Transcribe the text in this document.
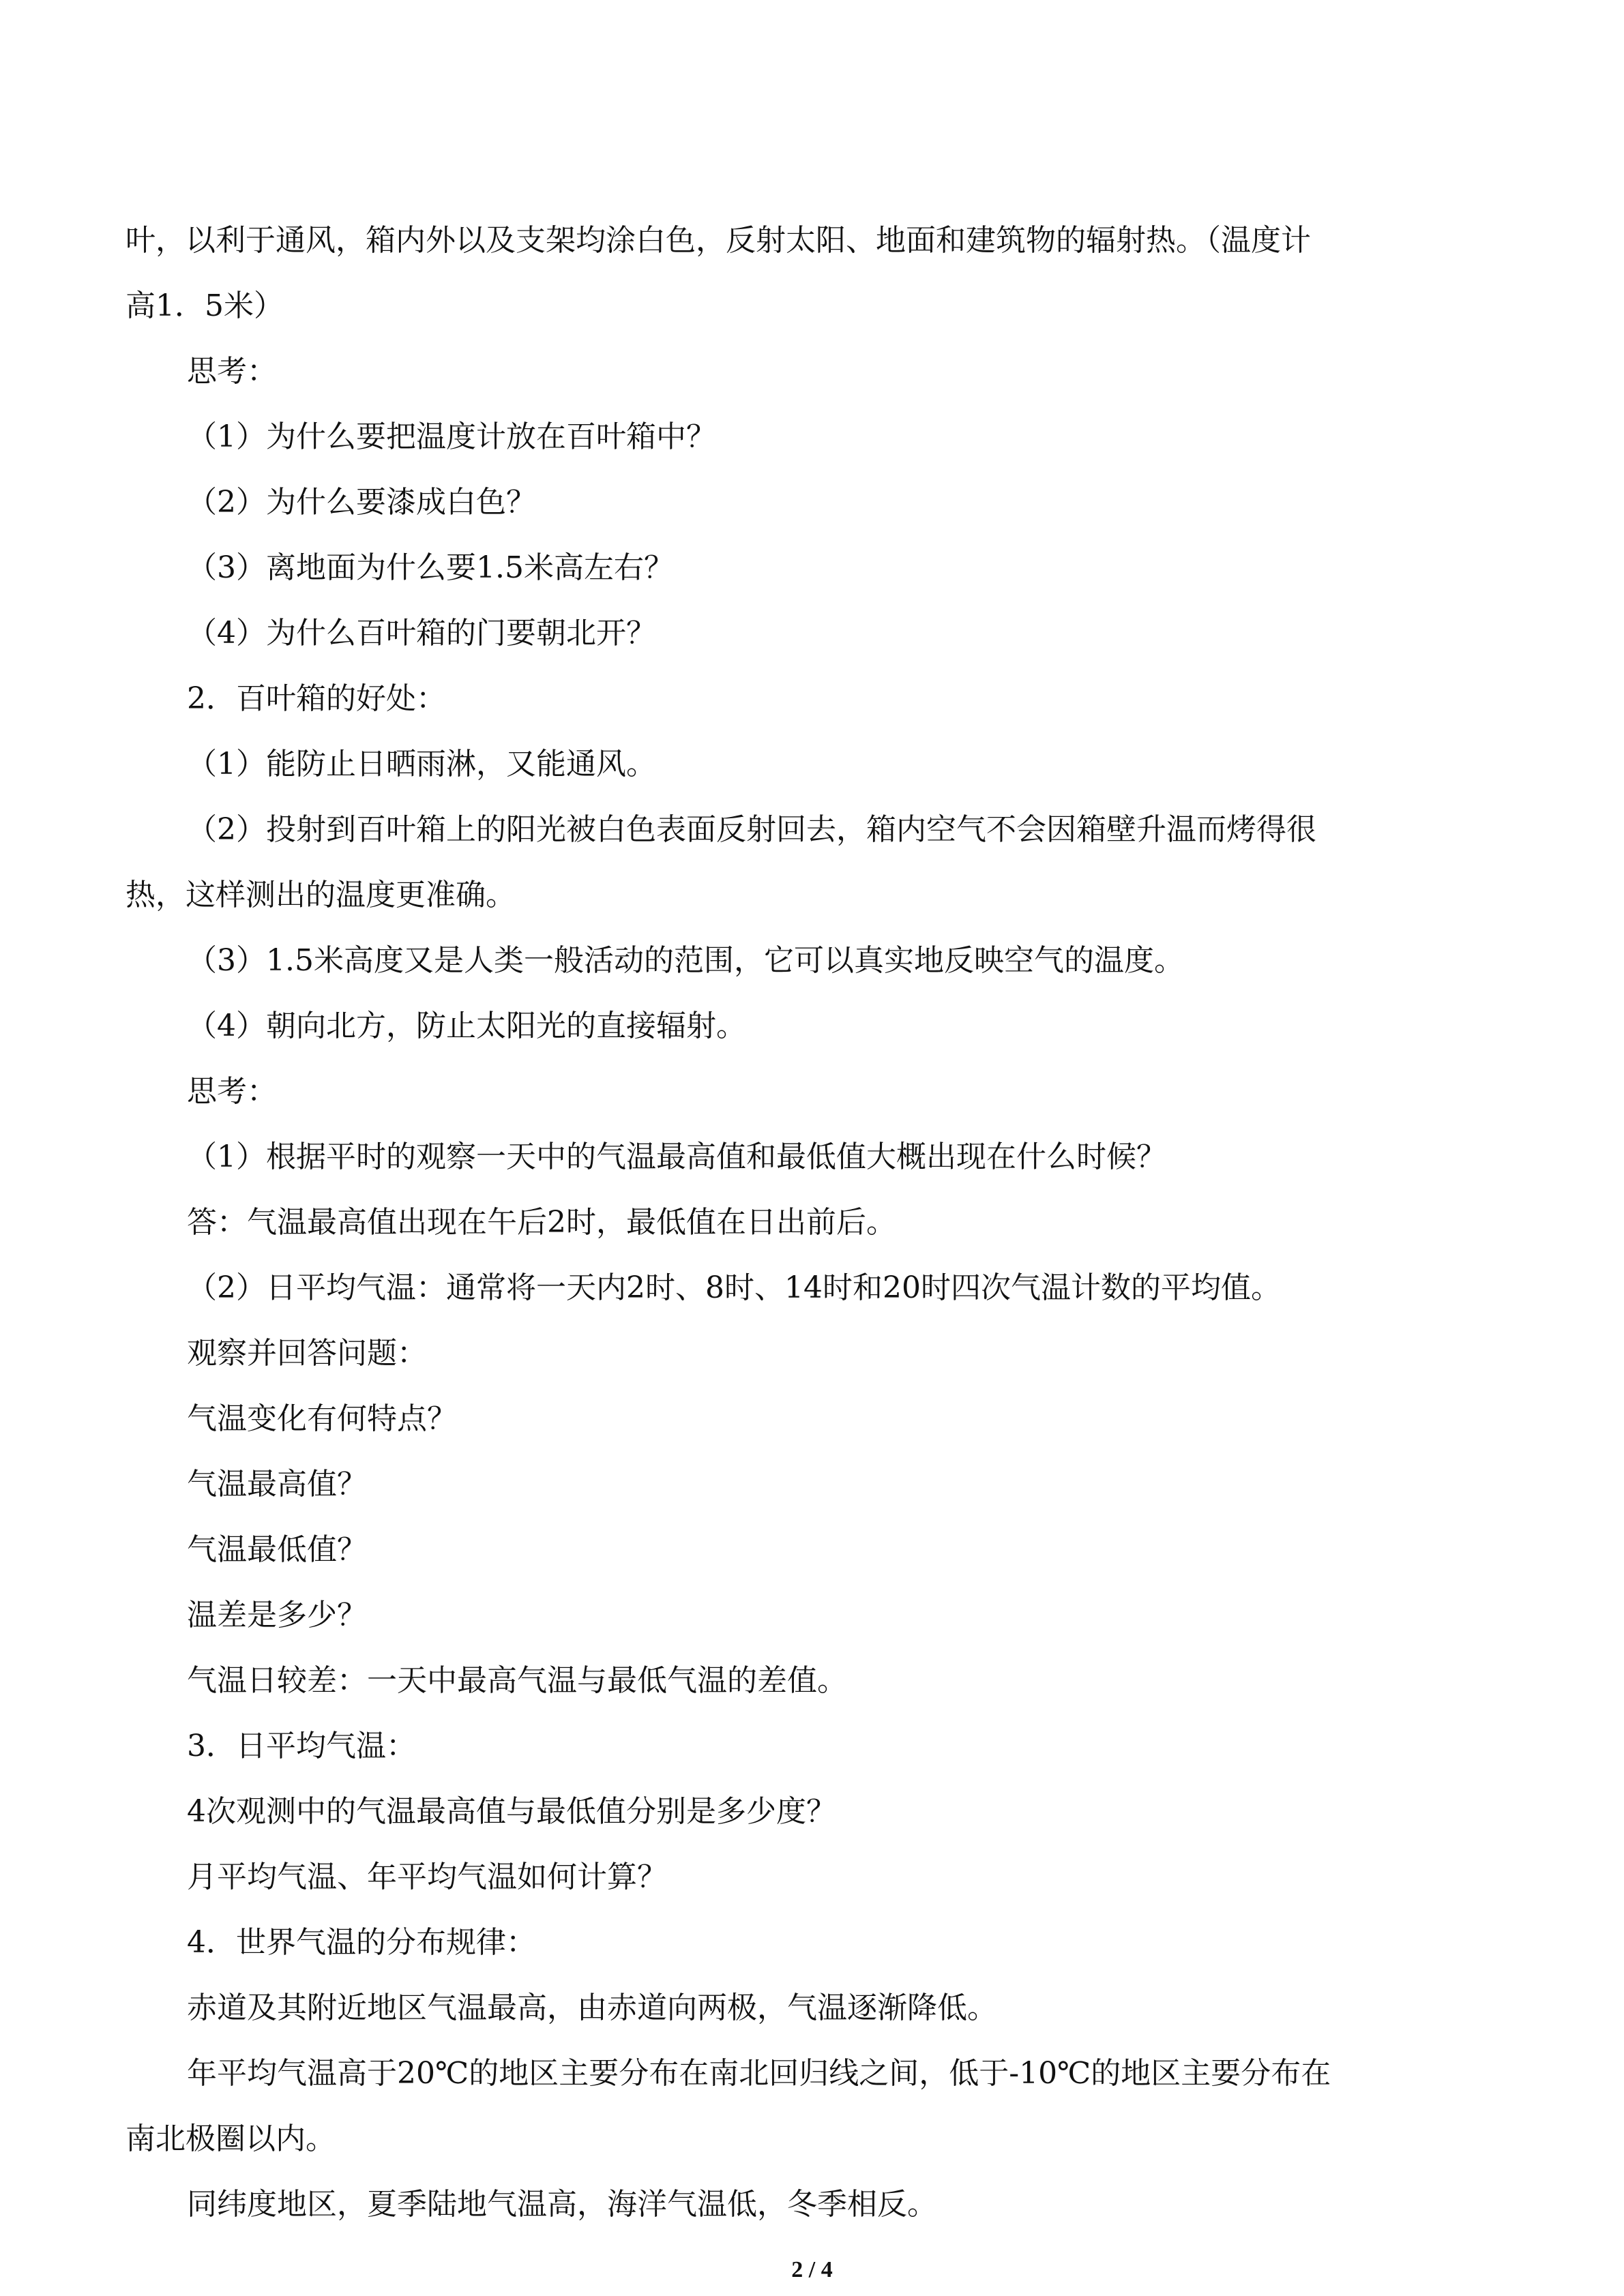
叶，以利于通风，箱内外以及支架均涂白色，反射太阳、地面和建筑物的辐射热。（温度计
高1．5米）
思考：
（1）为什么要把温度计放在百叶箱中？
（2）为什么要漆成白色？
（3）离地面为什么要1.5米高左右？
（4）为什么百叶箱的门要朝北开？
2．百叶箱的好处：
（1）能防止日晒雨淋，又能通风。
（2）投射到百叶箱上的阳光被白色表面反射回去，箱内空气不会因箱壁升温而烤得很
热，这样测出的温度更准确。
（3）1.5米高度又是人类一般活动的范围，它可以真实地反映空气的温度。
（4）朝向北方，防止太阳光的直接辐射。
思考：
（1）根据平时的观察一天中的气温最高值和最低值大概出现在什么时候？
答：气温最高值出现在午后2时，最低值在日出前后。
（2）日平均气温：通常将一天内2时、8时、14时和20时四次气温计数的平均值。
观察并回答问题：
气温变化有何特点？
气温最高值？
气温最低值？
温差是多少？
气温日较差：一天中最高气温与最低气温的差值。
3．日平均气温：
4次观测中的气温最高值与最低值分别是多少度？
月平均气温、年平均气温如何计算？
4．世界气温的分布规律：
赤道及其附近地区气温最高，由赤道向两极，气温逐渐降低。
年平均气温高于20℃的地区主要分布在南北回归线之间，低于-10℃的地区主要分布在
南北极圈以内。
同纬度地区，夏季陆地气温高，海洋气温低，冬季相反。
2 / 4
